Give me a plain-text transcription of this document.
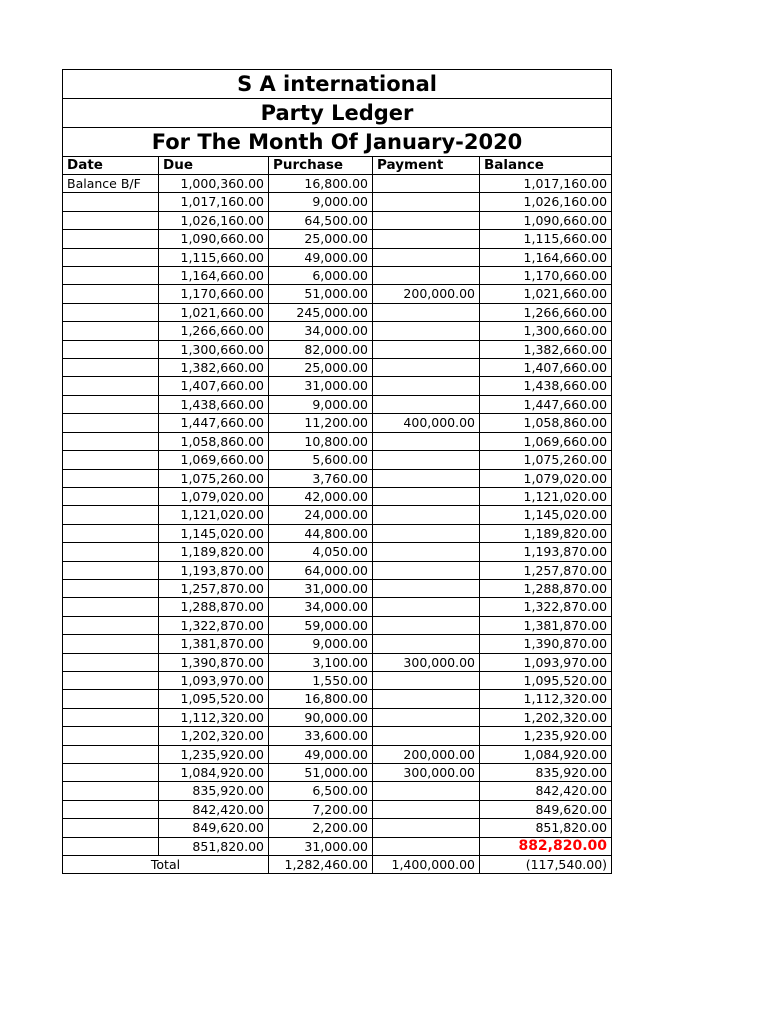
S A international				
Party Ledger				
For The Month Of January-2020				
Date	Due	Purchase	Payment	Balance
Balance B/F	1,000,360.00	16,800.00		1,017,160.00
	1,017,160.00	9,000.00		1,026,160.00
	1,026,160.00	64,500.00		1,090,660.00
	1,090,660.00	25,000.00		1,115,660.00
	1,115,660.00	49,000.00		1,164,660.00
	1,164,660.00	6,000.00		1,170,660.00
	1,170,660.00	51,000.00	200,000.00	1,021,660.00
	1,021,660.00	245,000.00		1,266,660.00
	1,266,660.00	34,000.00		1,300,660.00
	1,300,660.00	82,000.00		1,382,660.00
	1,382,660.00	25,000.00		1,407,660.00
	1,407,660.00	31,000.00		1,438,660.00
	1,438,660.00	9,000.00		1,447,660.00
	1,447,660.00	11,200.00	400,000.00	1,058,860.00
	1,058,860.00	10,800.00		1,069,660.00
	1,069,660.00	5,600.00		1,075,260.00
	1,075,260.00	3,760.00		1,079,020.00
	1,079,020.00	42,000.00		1,121,020.00
	1,121,020.00	24,000.00		1,145,020.00
	1,145,020.00	44,800.00		1,189,820.00
	1,189,820.00	4,050.00		1,193,870.00
	1,193,870.00	64,000.00		1,257,870.00
	1,257,870.00	31,000.00		1,288,870.00
	1,288,870.00	34,000.00		1,322,870.00
	1,322,870.00	59,000.00		1,381,870.00
	1,381,870.00	9,000.00		1,390,870.00
	1,390,870.00	3,100.00	300,000.00	1,093,970.00
	1,093,970.00	1,550.00		1,095,520.00
	1,095,520.00	16,800.00		1,112,320.00
	1,112,320.00	90,000.00		1,202,320.00
	1,202,320.00	33,600.00		1,235,920.00
	1,235,920.00	49,000.00	200,000.00	1,084,920.00
	1,084,920.00	51,000.00	300,000.00	835,920.00
	835,920.00	6,500.00		842,420.00
	842,420.00	7,200.00		849,620.00
	849,620.00	2,200.00		851,820.00
	851,820.00	31,000.00		882,820.00
Total		1,282,460.00	1,400,000.00	(117,540.00)
